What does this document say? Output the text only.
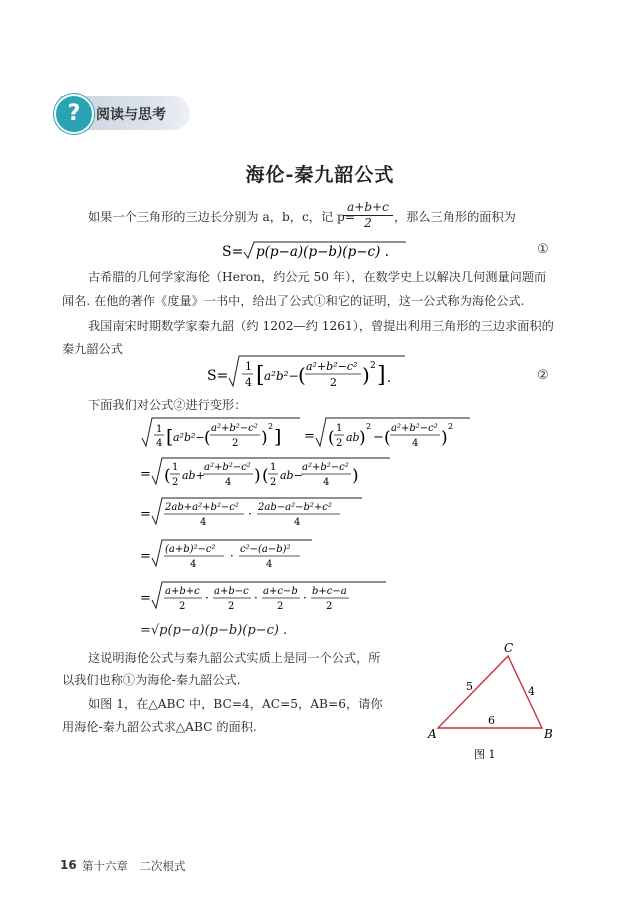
?	阅读与思考
海伦-秦九韶公式
如果一个三角形的三边长分别为 a，b，c，记 p=
$\frac{a+b+c}{2}$ ，那么三角形的面积为
S= p(p−a)(p−b)(p−c) .	①
古希腊的几何学家海伦（Heron，约公元 50 年），在数学史上以解决几何测量问题而
闻名. 在他的著作《度量》一书中，给出了公式①和它的证明，这一公式称为海伦公式.
我国南宋时期数学家秦九韶（约 1202—约 1261），曾提出利用三角形的三边求面积的
秦九韶公式
S=
1
4 [ a²b²− ( a²+b²−c²
2 ) 2 ] .	②
下面我们对公式②进行变形：
1
4 [ a²b²− ( a²+b²−c²
2 )
2 ] = ( 1
2 ab )
2
− ( a²+b²−c²
4 )
2
= ( 1
2
ab+
a²+b²−c²
4 ) ( 1
2
ab−
a²+b²−c²
4 )
= 2ab+a²+b²−c²
4
· 2ab−a²−b²+c²
4
= (a+b)²−c²
4
· c²−(a−b)²
4
= a+b+c
2
· a+b−c
2
· a+c−b
2
· b+c−a
2
=√p(p−a)(p−b)(p−c) .
这说明海伦公式与秦九韶公式实质上是同一个公式，所
以我们也称①为海伦-秦九韶公式.
如图 1，在△ABC 中，BC=4，AC=5，AB=6，请你
用海伦-秦九韶公式求△ABC 的面积.	A	B
C
5	4
6
图 1
16 第十六章　二次根式
